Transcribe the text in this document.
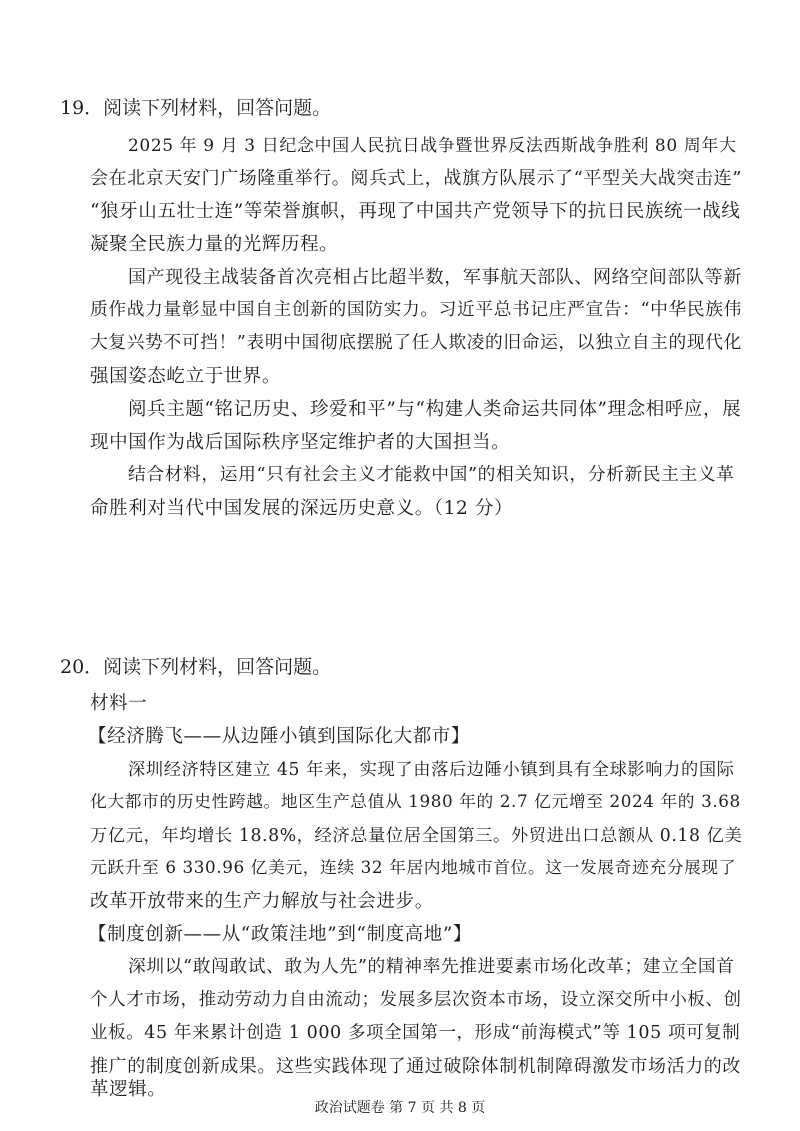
19．阅读下列材料，回答问题。
2025 年 9 月 3 日纪念中国人民抗日战争暨世界反法西斯战争胜利 80 周年大
会在北京天安门广场隆重举行。阅兵式上，战旗方队展示了“平型关大战突击连”
“狼牙山五壮士连”等荣誉旗帜，再现了中国共产党领导下的抗日民族统一战线
凝聚全民族力量的光辉历程。
国产现役主战装备首次亮相占比超半数，军事航天部队、网络空间部队等新
质作战力量彰显中国自主创新的国防实力。习近平总书记庄严宣告：“中华民族伟
大复兴势不可挡！”表明中国彻底摆脱了任人欺凌的旧命运，以独立自主的现代化
强国姿态屹立于世界。
阅兵主题“铭记历史、珍爱和平”与“构建人类命运共同体”理念相呼应，展
现中国作为战后国际秩序坚定维护者的大国担当。
结合材料，运用“只有社会主义才能救中国”的相关知识，分析新民主主义革
命胜利对当代中国发展的深远历史意义。（12 分）
20．阅读下列材料，回答问题。
材料一
【经济腾飞——从边陲小镇到国际化大都市】
深圳经济特区建立 45 年来，实现了由落后边陲小镇到具有全球影响力的国际
化大都市的历史性跨越。地区生产总值从 1980 年的 2.7 亿元增至 2024 年的 3.68
万亿元，年均增长 18.8%，经济总量位居全国第三。外贸进出口总额从 0.18 亿美
元跃升至 6 330.96 亿美元，连续 32 年居内地城市首位。这一发展奇迹充分展现了
改革开放带来的生产力解放与社会进步。
【制度创新——从“政策洼地”到“制度高地”】
深圳以“敢闯敢试、敢为人先”的精神率先推进要素市场化改革；建立全国首
个人才市场，推动劳动力自由流动；发展多层次资本市场，设立深交所中小板、创
业板。45 年来累计创造 1 000 多项全国第一，形成“前海模式”等 105 项可复制
推广的制度创新成果。这些实践体现了通过破除体制机制障碍激发市场活力的改
革逻辑。
政治试题卷 第 7 页 共 8 页
